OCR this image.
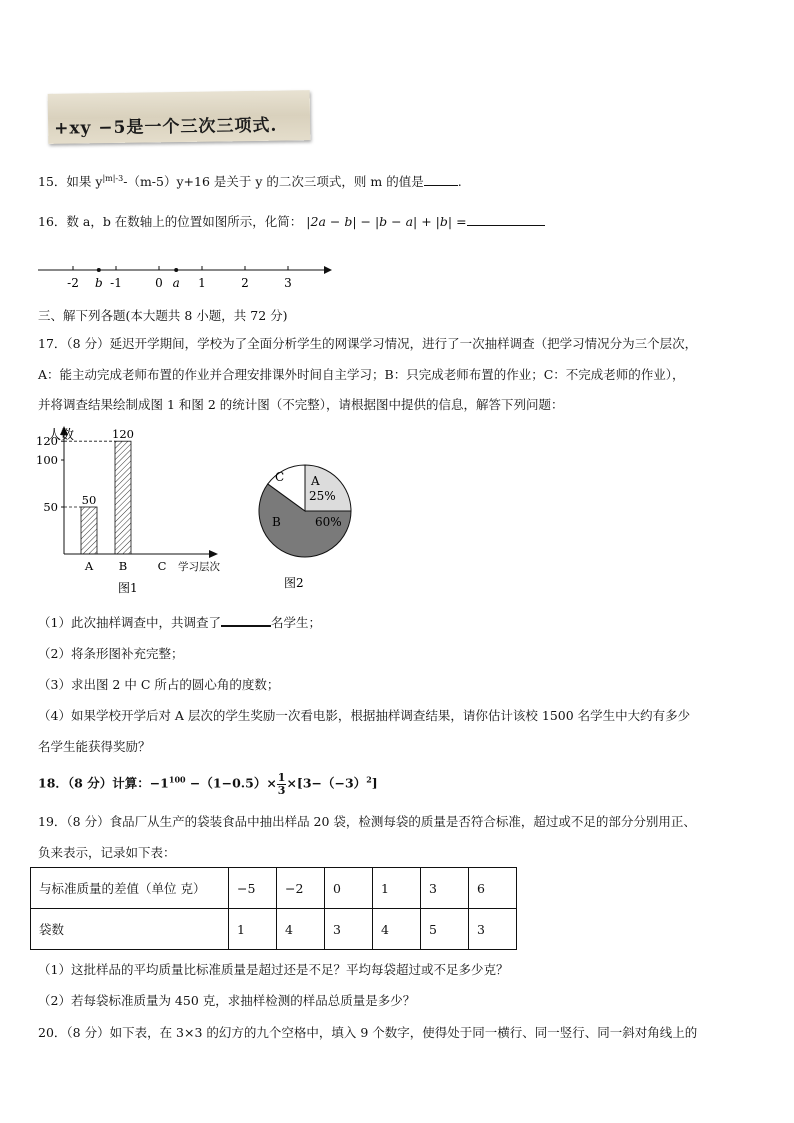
+xy −5是一个三次三项式.
15．如果 $y^{|m|-3}-(m-5)y+16$ 是关于 y 的二次三项式，则 m 的值是	.
16．数 a，b 在数轴上的位置如图所示，化简： |2a − b| − |b − a| + |b| =
-2	-1	0	1	2	3
b	a
三、解下列各题(本大题共 8 小题，共 72 分)
17．（8 分）延迟开学期间，学校为了全面分析学生的网课学习情况，进行了一次抽样调查（把学习情况分为三个层次，
A：能主动完成老师布置的作业并合理安排课外时间自主学习；B：只完成老师布置的作业；C：不完成老师的作业），
并将调查结果绘制成图 1 和图 2 的统计图（不完整），请根据图中提供的信息，解答下列问题：
人数
学习层次
图1
50
100
120
50
A
120
B	C
A
25%
B	60%
C
图2
（1）此次抽样调查中，共调查了	名学生；
（2）将条形图补充完整；
（3）求出图 2 中 C 所占的圆心角的度数；
（4）如果学校开学后对 A 层次的学生奖励一次看电影，根据抽样调查结果，请你估计该校 1500 名学生中大约有多少
名学生能获得奖励？
18．（8 分）计算：$-1^{100} -(1-0.5)\times \frac{1}{3} \times[3-(-3)^2]$
19．（8 分）食品厂从生产的袋装食品中抽出样品 20 袋，检测每袋的质量是否符合标准，超过或不足的部分分别用正、
负来表示，记录如下表：
与标准质量的差值（单位 克）	−5	−2	0	1	3	6
袋数	1	4	3	4	5	3
（1）这批样品的平均质量比标准质量是超过还是不足？平均每袋超过或不足多少克？
（2）若每袋标准质量为 450 克，求抽样检测的样品总质量是多少？
20．（8 分）如下表，在 3×3 的幻方的九个空格中，填入 9 个数字，使得处于同一横行、同一竖行、同一斜对角线上的
